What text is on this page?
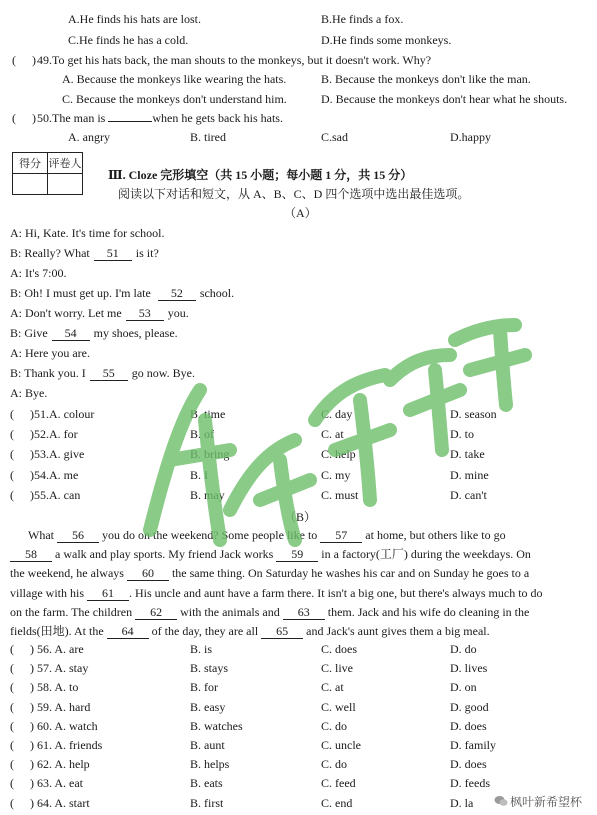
A.He finds his hats are lost.	B.He finds a fox.
C.He finds he has a cold.	D.He finds some monkeys.
( ) 49.To get his hats back, the man shouts to the monkeys, but it doesn't work. Why?
A. Because the monkeys like wearing the hats.	B. Because the monkeys don't like the man.
C. Because the monkeys don't understand him.	D. Because the monkeys don't hear what he shouts.
( ) 50.The man is	when he gets back his hats.
A. angry	B. tired	C.sad	D.happy
得分	评卷人

Ⅲ. Cloze 完形填空（共 15 小题；每小题 1 分，共 15 分）
阅读以下对话和短文，从 A、B、C、D 四个选项中选出最佳选项。
（A）
A: Hi, Kate. It's time for school.
B: Really? What 51 is it?
A: It's 7:00.
B: Oh! I must get up. I'm late 52 school.
A: Don't worry. Let me 53 you.
B: Give 54 my shoes, please.
A: Here you are.
B: Thank you. I 55 go now. Bye.
A: Bye.
( )51.A. colour	B. time	C. day	D. season
( )52.A. for	B. of	C. at	D. to
( )53.A. give	B. bring	C. help	D. take
( )54.A. me	B. I	C. my	D. mine
( )55.A. can	B. may	C. must	D. can't
（B）
What 56 you do on the weekend? Some people like to 57 at home, but others like to go
58 a walk and play sports. My friend Jack works 59 in a factory(工厂) during the weekdays. On
the weekend, he always 60 the same thing. On Saturday he washes his car and on Sunday he goes to a
village with his 61 . His uncle and aunt have a farm there. It isn't a big one, but there's always much to do
on the farm. The children 62 with the animals and 63 them. Jack and his wife do cleaning in the
fields(田地). At the 64 of the day, they are all 65 and Jack's aunt gives them a big meal.
( ) 56. A. are	B. is	C. does	D. do
( ) 57. A. stay	B. stays	C. live	D. lives
( ) 58. A. to	B. for	C. at	D. on
( ) 59. A. hard	B. easy	C. well	D. good
( ) 60. A. watch	B. watches	C. do	D. does
( ) 61. A. friends	B. aunt	C. uncle	D. family
( ) 62. A. help	B. helps	C. do	D. does
( ) 63. A. eat	B. eats	C. feed	D. feeds
( ) 64. A. start	B. first	C. end	D. la	枫叶新希望杯
